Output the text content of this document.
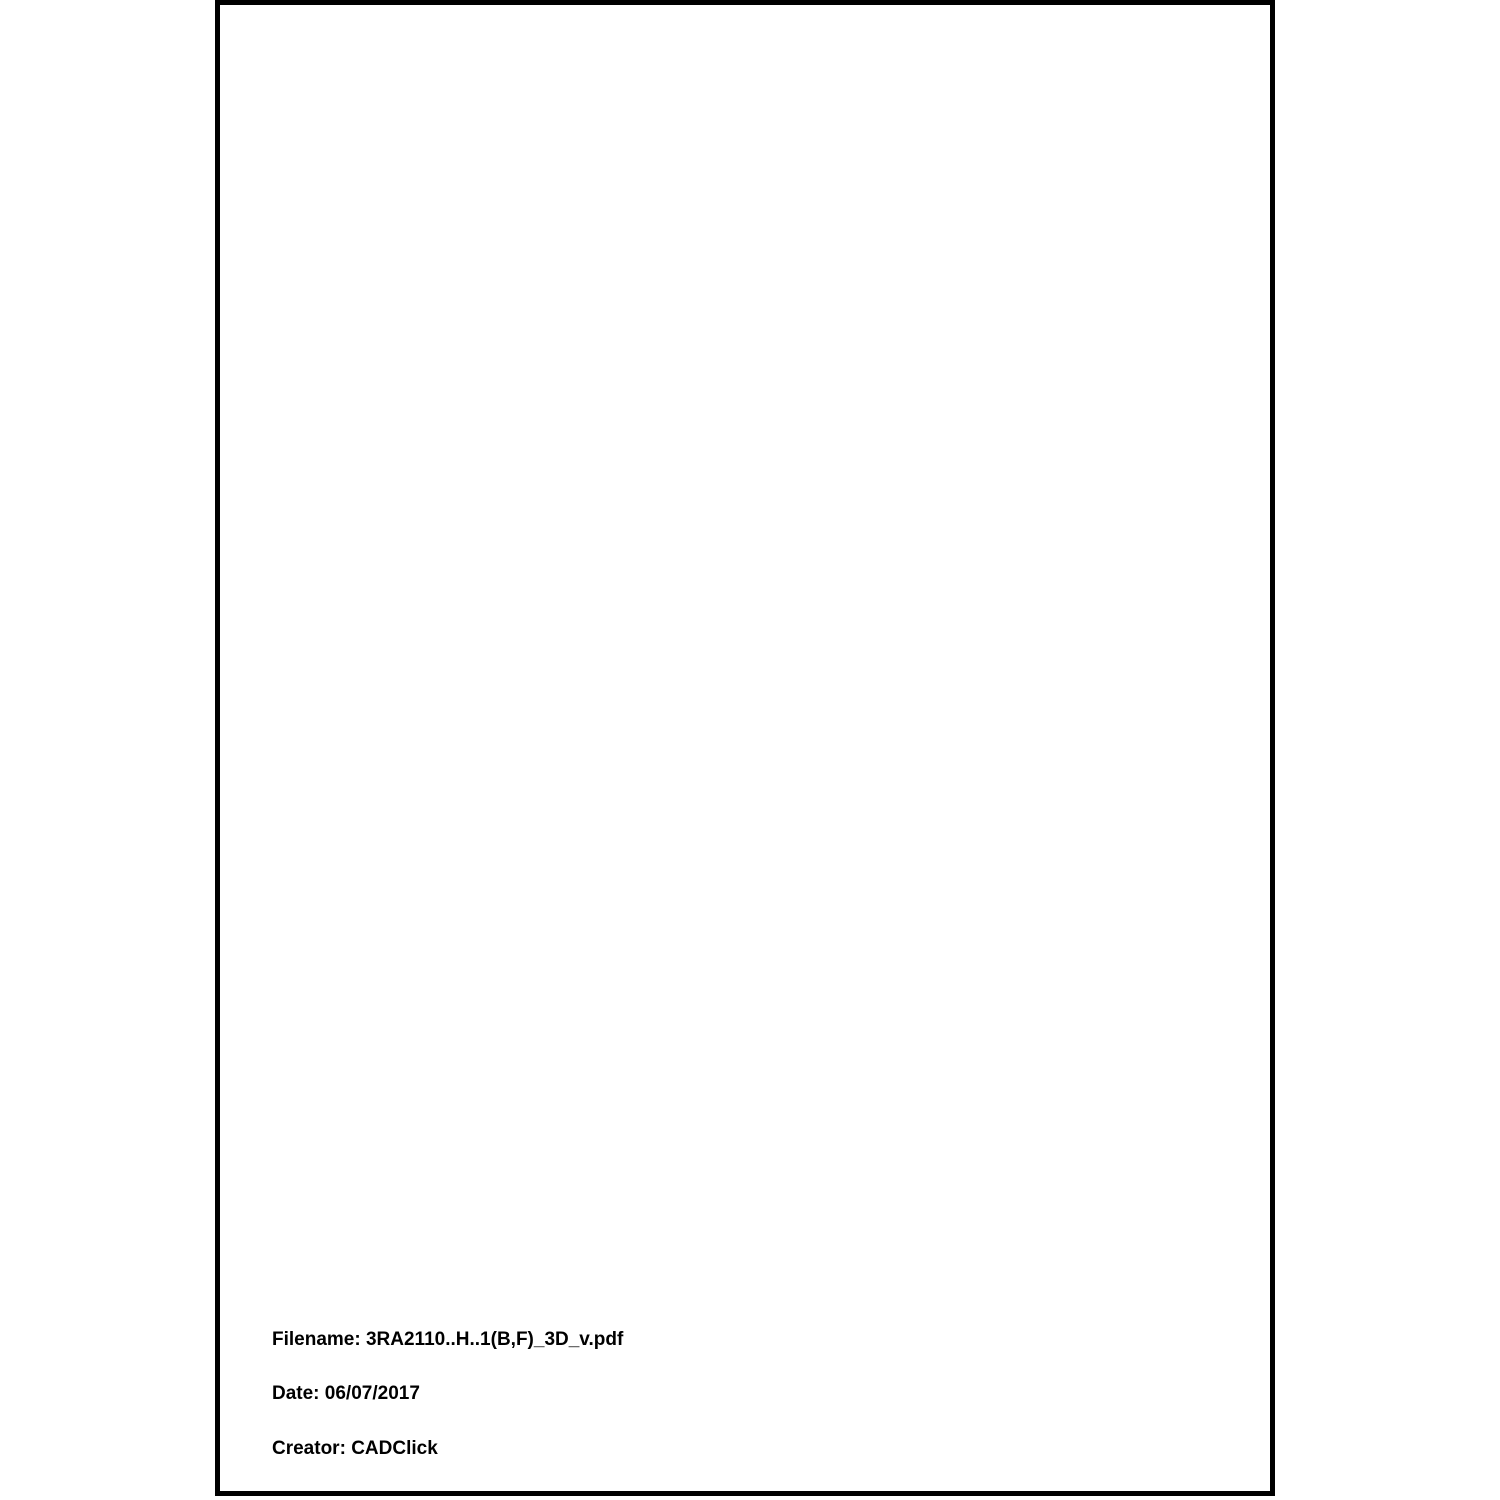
Filename: 3RA2110..H..1(B,F)_3D_v.pdf
Date: 06/07/2017
Creator: CADClick
